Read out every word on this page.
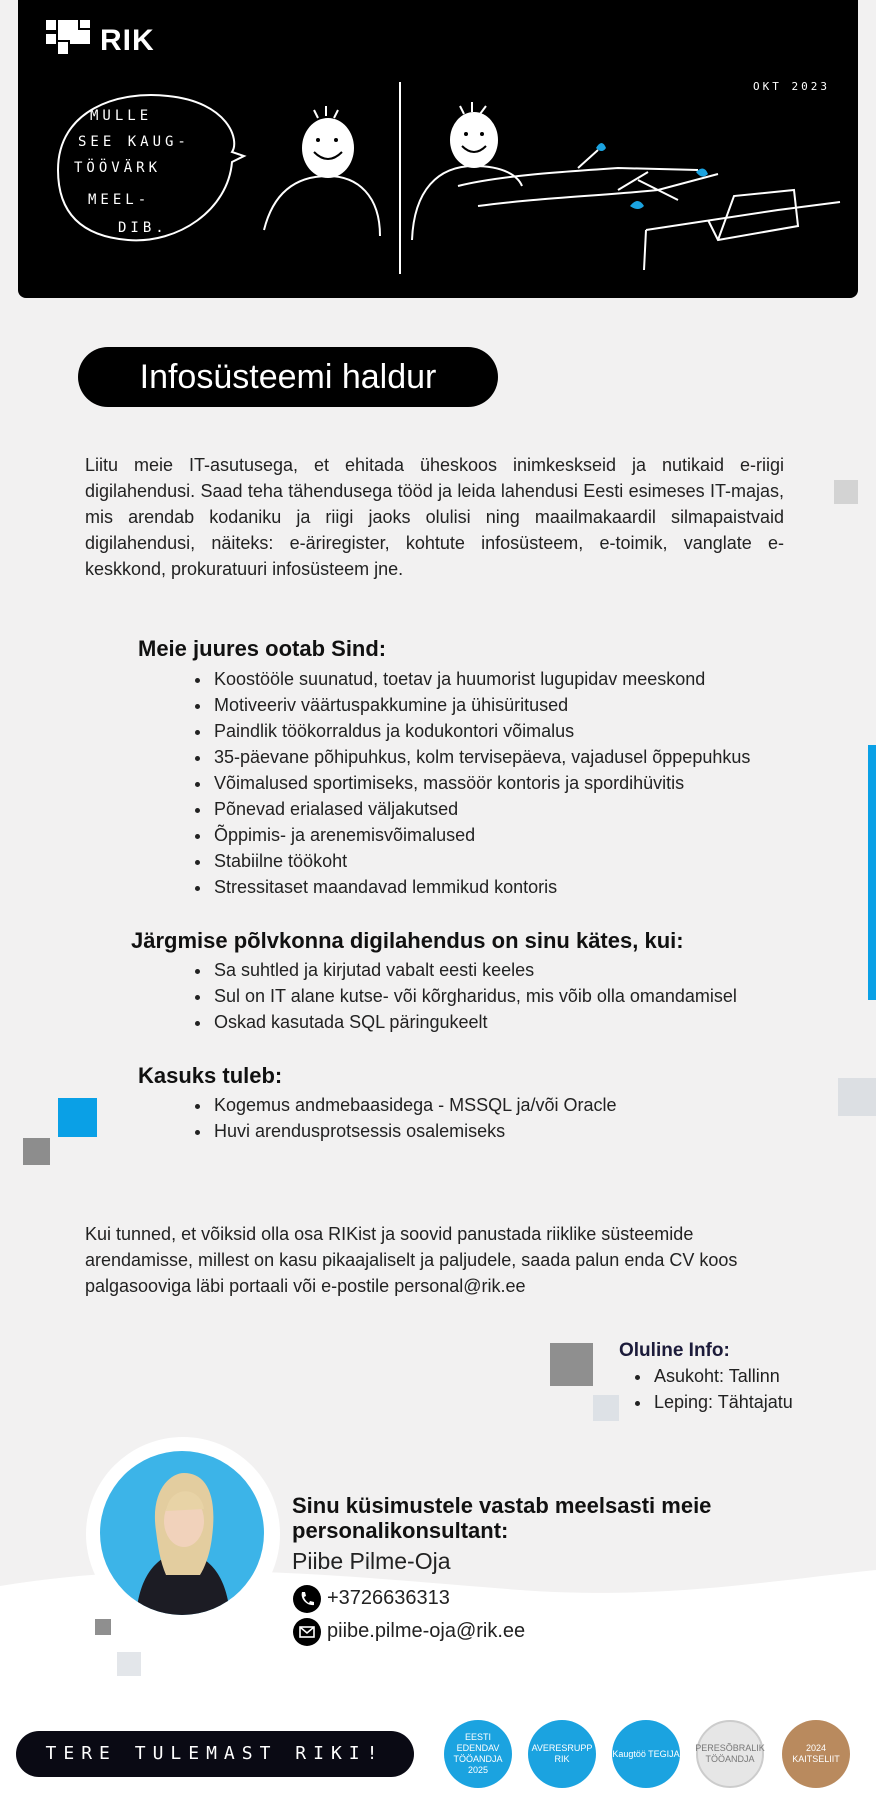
RIK
OKT 2023
MULLE
SEE KAUG-
TÖÖVÄRK
MEEL-
DIB.
Infosüsteemi haldur
Liitu meie IT-asutusega, et ehitada üheskoos inimkeskseid ja nutikaid e-riigi digilahendusi. Saad teha tähendusega tööd ja leida lahendusi Eesti esimeses IT-majas, mis arendab kodaniku ja riigi jaoks olulisi ning maailmakaardil silmapaistvaid digilahendusi, näiteks: e-äriregister, kohtute infosüsteem, e-toimik, vanglate e-keskkond, prokuratuuri infosüsteem jne.
Meie juures ootab Sind:
• Koostööle suunatud, toetav ja huumorist lugupidav meeskond
• Motiveeriv väärtuspakkumine ja ühisüritused
• Paindlik töökorraldus ja kodukontori võimalus
• 35-päevane põhipuhkus, kolm tervisepäeva, vajadusel õppepuhkus
• Võimalused sportimiseks, massöör kontoris ja spordihüvitis
• Põnevad erialased väljakutsed
• Õppimis- ja arenemisvõimalused
• Stabiilne töökoht
• Stressitaset maandavad lemmikud kontoris
Järgmise põlvkonna digilahendus on sinu kätes, kui:
• Sa suhtled ja kirjutad vabalt eesti keeles
• Sul on IT alane kutse- või kõrgharidus, mis võib olla omandamisel
• Oskad kasutada SQL päringukeelt
Kasuks tuleb:
• Kogemus andmebaasidega - MSSQL ja/või Oracle
• Huvi arendusprotsessis osalemiseks
Kui tunned, et võiksid olla osa RIKist ja soovid panustada riiklike süsteemide arendamisse, millest on kasu pikaajaliselt ja paljudele, saada palun enda CV koos palgasooviga läbi portaali või e-postile personal@rik.ee
Oluline Info:
• Asukoht: Tallinn
• Leping: Tähtajatu
Sinu küsimustele vastab meelsasti meie personalikonsultant:
Piibe Pilme-Oja
+3726636313
piibe.pilme-oja@rik.ee
TERE TULEMAST RIKI!
EESTI EDENDAV TÖÖANDJA 2025
AVERESRUPP RIK
Kaugtöö TEGIJA
PERESÕBRALIK TÖÖANDJA
2024 KAITSELIIT
